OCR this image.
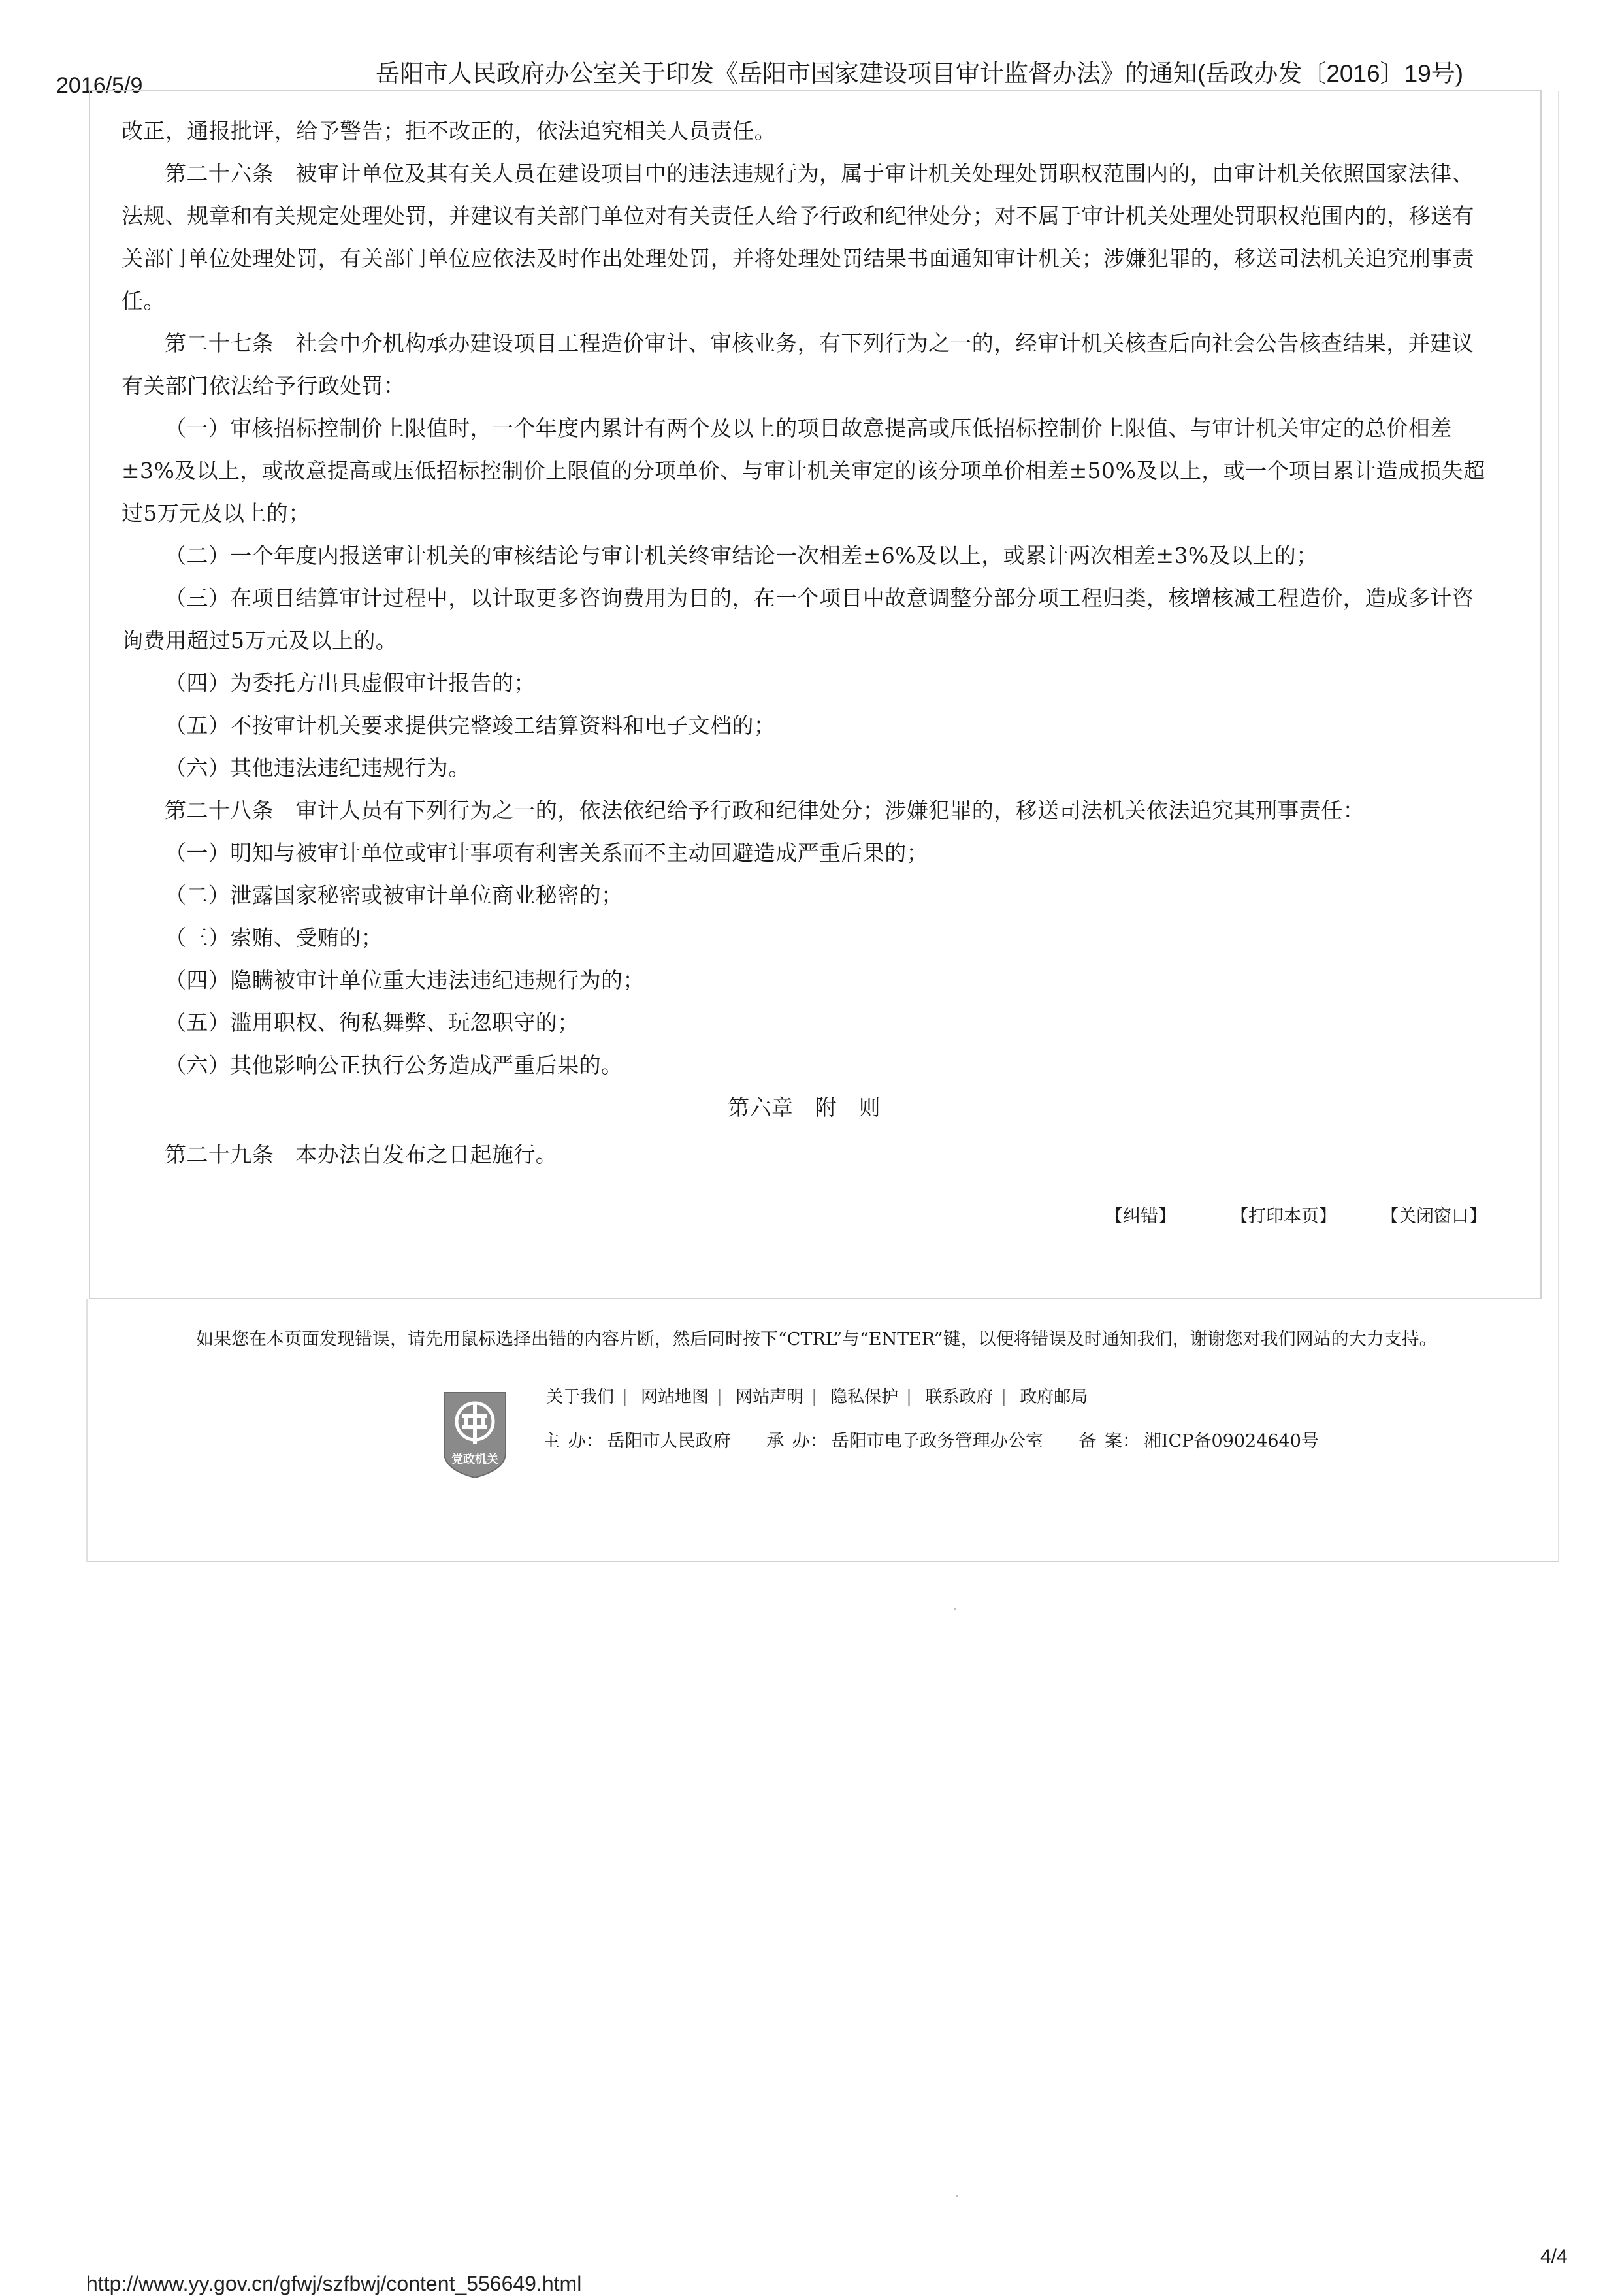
2016/5/9	岳阳市人民政府办公室关于印发《岳阳市国家建设项目审计监督办法》的通知(岳政办发〔2016〕19号)

改正，通报批评，给予警告；拒不改正的，依法追究相关人员责任。

第二十六条　被审计单位及其有关人员在建设项目中的违法违规行为，属于审计机关处理处罚职权范围内的，由审计机关依照国家法律、法规、规章和有关规定处理处罚，并建议有关部门单位对有关责任人给予行政和纪律处分；对不属于审计机关处理处罚职权范围内的，移送有关部门单位处理处罚，有关部门单位应依法及时作出处理处罚，并将处理处罚结果书面通知审计机关；涉嫌犯罪的，移送司法机关追究刑事责任。

第二十七条　社会中介机构承办建设项目工程造价审计、审核业务，有下列行为之一的，经审计机关核查后向社会公告核查结果，并建议有关部门依法给予行政处罚：

（一）审核招标控制价上限值时，一个年度内累计有两个及以上的项目故意提高或压低招标控制价上限值、与审计机关审定的总价相差±3%及以上，或故意提高或压低招标控制价上限值的分项单价、与审计机关审定的该分项单价相差±50%及以上，或一个项目累计造成损失超过5万元及以上的；

（二）一个年度内报送审计机关的审核结论与审计机关终审结论一次相差±6%及以上，或累计两次相差±3%及以上的；

（三）在项目结算审计过程中，以计取更多咨询费用为目的，在一个项目中故意调整分部分项工程归类，核增核减工程造价，造成多计咨询费用超过5万元及以上的。

（四）为委托方出具虚假审计报告的；

（五）不按审计机关要求提供完整竣工结算资料和电子文档的；

（六）其他违法违纪违规行为。

第二十八条　审计人员有下列行为之一的，依法依纪给予行政和纪律处分；涉嫌犯罪的，移送司法机关依法追究其刑事责任：

（一）明知与被审计单位或审计事项有利害关系而不主动回避造成严重后果的；

（二）泄露国家秘密或被审计单位商业秘密的；

（三）索贿、受贿的；

（四）隐瞒被审计单位重大违法违纪违规行为的；

（五）滥用职权、徇私舞弊、玩忽职守的；

（六）其他影响公正执行公务造成严重后果的。

第六章　附　则

第二十九条　本办法自发布之日起施行。

【纠错】	【打印本页】	【关闭窗口】
如果您在本页面发现错误，请先用鼠标选择出错的内容片断，然后同时按下“CTRL”与“ENTER”键，以便将错误及时通知我们，谢谢您对我们网站的大力支持。
党政机关
关于我们 | 网站地图 | 网站声明 | 隐私保护 | 联系政府 | 政府邮局
主 办： 岳阳市人民政府 承 办： 岳阳市电子政务管理办公室 备 案： 湘ICP备09024640号
4/4
http://www.yy.gov.cn/gfwj/szfbwj/content_556649.html
